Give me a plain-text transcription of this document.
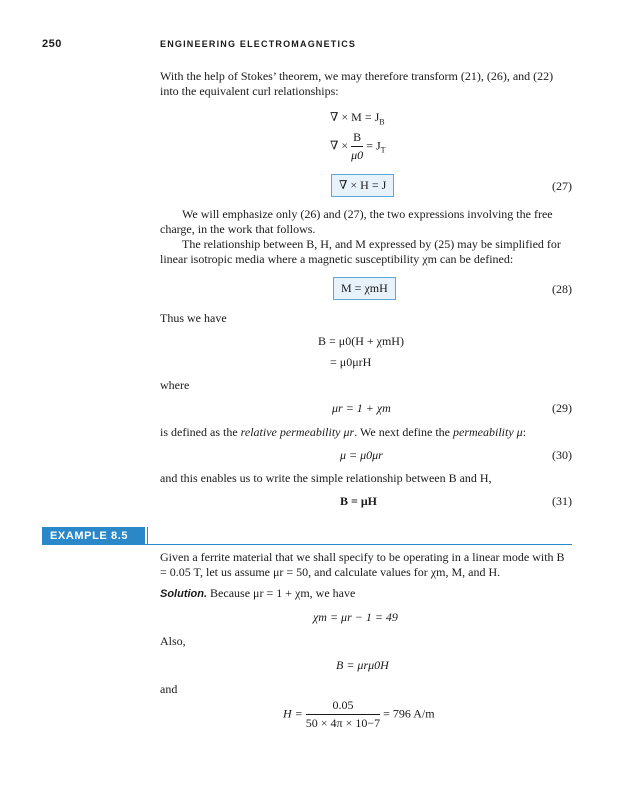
250	ENGINEERING ELECTROMAGNETICS
With the help of Stokes’ theorem, we may therefore transform (21), (26), and (22) into the equivalent curl relationships:
∇ × $M = J_B$
∇ × $\frac{B}{\mu 0} = J_T$
∇ × H = J	(27)
We will emphasize only (26) and (27), the two expressions involving the free charge, in the work that follows.
The relationship between B, H, and M expressed by (25) may be simplified for linear isotropic media where a magnetic susceptibility χm can be defined:
M = χmH	(28)
Thus we have
B = μ0(H + χmH)
= μ0μrH
where
μr = 1 + χm	(29)
is defined as the relative permeability μr. We next define the permeability μ:
μ = μ0μr	(30)
and this enables us to write the simple relationship between B and H,
B = μH	(31)
EXAMPLE 8.5
Given a ferrite material that we shall specify to be operating in a linear mode with B = 0.05 T, let us assume μr = 50, and calculate values for χm, M, and H.
Solution. Because μr = 1 + χm, we have
χm = μr − 1 = 49
Also,
B = μrμ0H
and
$H = \frac{0.05}{50 \times 4\pi \times 10-7} = 796$ A/m
